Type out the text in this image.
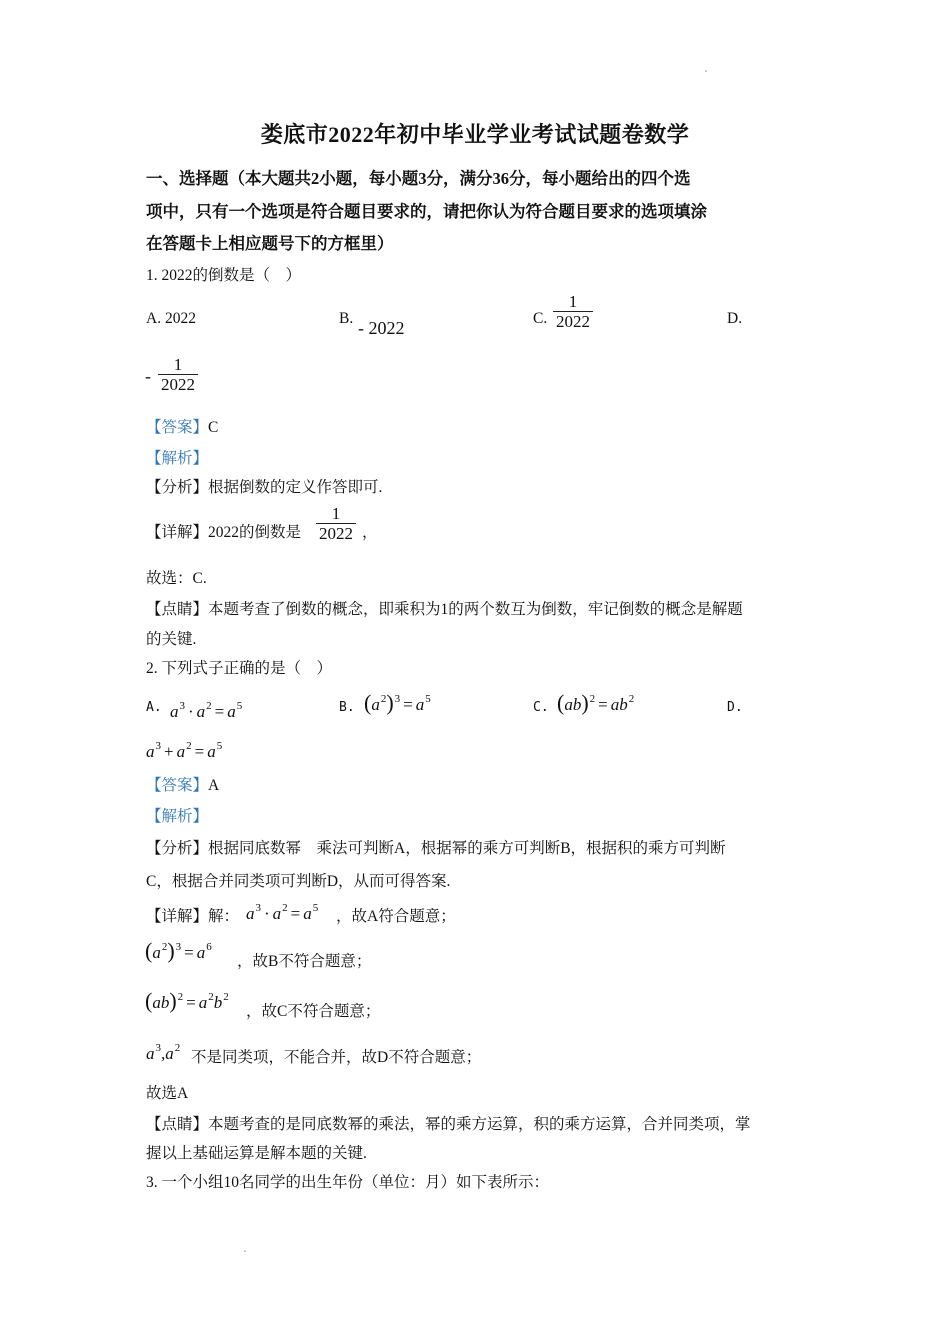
娄底市2022年初中毕业学业考试试题卷数学
一、选择题（本大题共2小题，每小题3分，满分36分，每小题给出的四个选
项中，只有一个选项是符合题目要求的，请把你认为符合题目要求的选项填涂
在答题卡上相应题号下的方框里）
1. 2022的倒数是（　）
A. 2022	B. - 2022	C. $\frac{1}{2022}$	D.
- $\frac{1}{2022}$
【答案】C
【解析】
【分析】根据倒数的定义作答即可.
【详解】2022的倒数是 $\frac{1}{2022}$ ，
故选：C.
【点睛】本题考查了倒数的概念，即乘积为1的两个数互为倒数，牢记倒数的概念是解题
的关键.
2. 下列式子正确的是（　）
A. $a^3 \cdot a^2 = a^5$	B. $(a^2)^3 = a^5$
C. $(ab)^2 = ab^2$
D.
$a^3 + a^2 = a^5$
【答案】A
【解析】
【分析】根据同底数幂　乘法可判断A，根据幂的乘方可判断B，根据积的乘方可判断
C，根据合并同类项可判断D，从而可得答案.
【详解】解： $a^3 \cdot a^2 = a^5$ ，故A符合题意；
$(a^2)^3 = a^6$
，故B不符合题意；
$(ab)^2 = a^2b^2$
，故C不符合题意；
$a^3,a^2$
不是同类项，不能合并，故D不符合题意；
故选A
【点睛】本题考查的是同底数幂的乘法，幂的乘方运算，积的乘方运算，合并同类项，掌
握以上基础运算是解本题的关键.
3. 一个小组10名同学的出生年份（单位：月）如下表所示：
